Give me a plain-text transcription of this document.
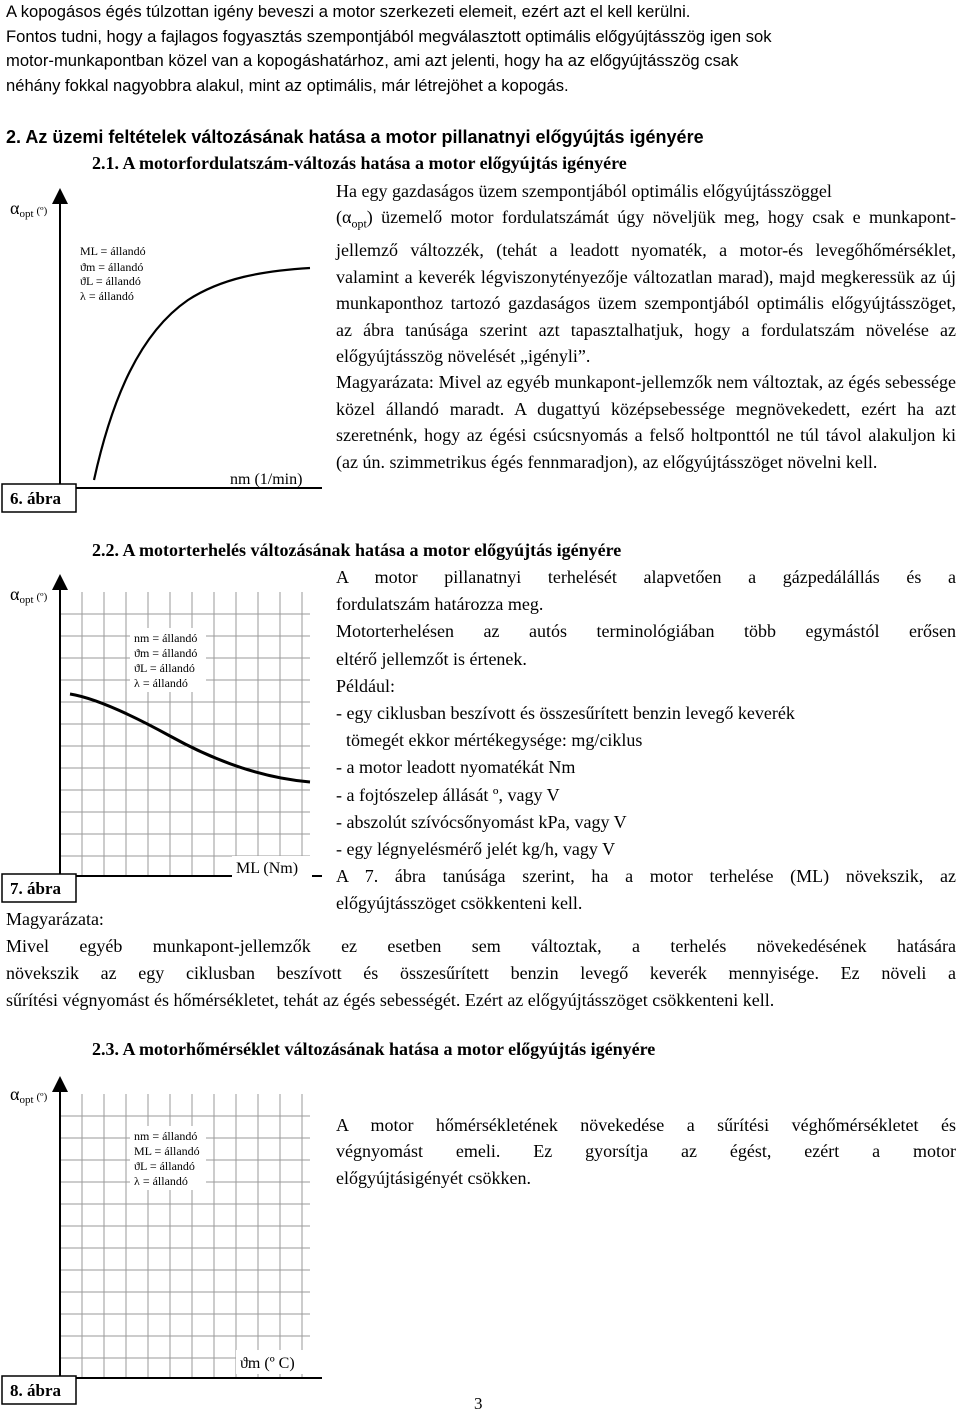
A kopogásos égés túlzottan igény beveszi a motor szerkezeti elemeit, ezért azt el kell kerülni.
Fontos tudni, hogy a fajlagos fogyasztás szempontjából megválasztott optimális előgyújtásszög igen sok
motor-munkapontban közel van a kopogáshatárhoz, ami azt jelenti, hogy ha az előgyújtásszög csak
néhány fokkal nagyobbra alakul, mint az optimális, már létrejöhet a kopogás.
2. Az üzemi feltételek változásának hatása a motor pillanatnyi előgyújtás igényére
2.1. A motorfordulatszám-változás hatása a motor előgyújtás igényére
αopt (º)
ML = állandó
ϑm = állandó
ϑL = állandó
λ = állandó
nm (1/min)
6. ábra
Ha egy gazdaságos üzem szempontjából optimális előgyújtásszöggel
$(\alpha_{opt})$ üzemelő motor fordulatszámát úgy növeljük meg, hogy csak e munkapont-jellemző változzék, (tehát a leadott nyomaték, a motor-és levegőhőmérséklet, valamint a keverék légviszonytényezője változatlan marad), majd megkeressük az új munkaponthoz tartozó gazdaságos üzem szempontjából optimális előgyújtásszöget, az ábra tanúsága szerint azt tapasztalhatjuk, hogy a fordulatszám növelése az előgyújtásszög növelését „igényli”.
Magyarázata: Mivel az egyéb munkapont-jellemzők nem változtak, az égés sebessége közel állandó maradt. A dugattyú középsebessége megnövekedett, ezért ha azt szeretnénk, hogy az égési csúcsnyomás a felső holtponttól ne túl távol alakuljon ki (az ún. szimmetrikus égés fennmaradjon), az előgyújtásszöget növelni kell.
2.2. A motorterhelés változásának hatása a motor előgyújtás igényére
αopt (º)
nm = állandó
ϑm = állandó
ϑL = állandó
λ = állandó
ML (Nm)
7. ábra
A motor pillanatnyi terhelését alapvetően a gázpedálállás és a
fordulatszám határozza meg.
Motorterhelésen az autós terminológiában több egymástól erősen
eltérő jellemzőt is értenek.
Például:
- egy ciklusban beszívott és összesűrített benzin levegő keverék
tömegét ekkor mértékegysége: mg/ciklus
- a motor leadott nyomatékát Nm
- a fojtószelep állását º, vagy V
- abszolút szívócsőnyomást kPa, vagy V
- egy légnyelésmérő jelét kg/h, vagy V
A 7. ábra tanúsága szerint, ha a motor terhelése (ML) növekszik, az
előgyújtásszöget csökkenteni kell.
Magyarázata:
Mivel egyéb munkapont-jellemzők ez esetben sem változtak, a terhelés növekedésének hatására
növekszik az egy ciklusban beszívott és összesűrített benzin levegő keverék mennyisége. Ez növeli a
sűrítési végnyomást és hőmérsékletet, tehát az égés sebességét. Ezért az előgyújtásszöget csökkenteni kell.
2.3. A motorhőmérséklet változásának hatása a motor előgyújtás igényére
αopt (º)
nm = állandó
ML = állandó
ϑL = állandó
λ = állandó
ϑm (º C)
8. ábra
A motor hőmérsékletének növekedése a sűrítési véghőmérsékletet és
végnyomást emeli. Ez gyorsítja az égést, ezért a motor
előgyújtásigényét csökken.
3
